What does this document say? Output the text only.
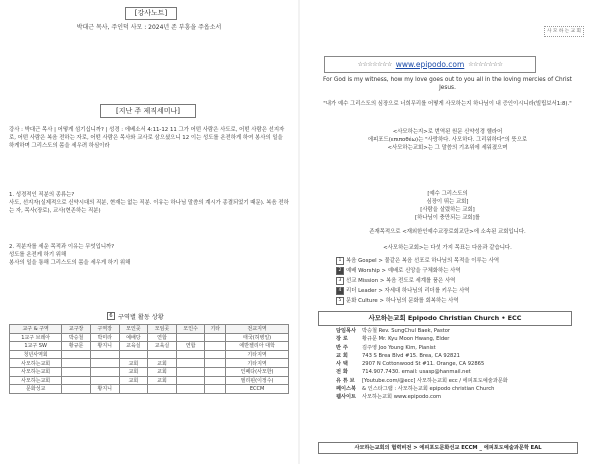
[강사노트]
박대근 목사, 주인덕 사모 : 2024년 존 부흥을 주옵소서
[지난 주 제직세미나]
강사 : 박대근 목사 | 어떻게 섬기십니까? | 성경 : 에베소서 4:11-12 11 그가 어떤 사람은 사도로, 어떤 사람은 선지자로, 어떤 사람은 복음 전하는 자로, 어떤 사람은 목사와 교사로 삼으셨으니 12 이는 성도를 온전하게 하여 봉사의 일을 하게하며 그리스도의 몸을 세우려 하심이라
1. 성경적인 직분의 종류는?
사도, 선지자(실제적으로 신약시대의 직분, 현재는 없는 직분. 이유는 하나님 말씀의 계시가 종결되었기 때문). 복음 전하는 자, 목사(장로), 교사(현존하는 직분)
2. 직분자를 세운 목적과 이유는 무엇입니까?
성도를 온전케 하기 위해
봉사의 일을 통해 그리스도의 몸을 세우게 하기 위해
6 구역별 활동 상황
교구 & 구역	교구장	구역장	모인곳	모임곳	모인수	기타	전교지역
1교구 브레아	박승철	박미라	예배당	연합			태국(허병일)
1교구 SW	황규문	황지니	교육실	교육실	연합		에반젤리아 대학
청년사역회							기타지역
사모하는교회			교회	교회			기타지역
사모하는교회			교회	교회			인페다(사모한)
사모하는교회			교회	교회			필리핀(이정수)
문화성교		황지니					ECCM
사 모 하 는 교 회
☆☆☆☆☆☆☆ www.epipodo.com ☆☆☆☆☆☆☆
For God is my witness, how my love goes out to you all in the loving mercies of Christ Jesus.
"내가 예수 그리스도의 심장으로 너희무리를 어떻게 사모하는지 하나님이 내 증인이시니라(빌립보서1:8)."
<사모하는지>로 번역된 원문 신약성경 헬라어
에피포드(επιποθέω)는 "사랑하다. 사모하다. 그리워하다"의 뜻으로
<사모하는교회>는 그 말씀의 기초위에 세워졌으며
[예수 그리스도의
심장이 뛰는 교회]
[사람을 살렸하는 교회]
[하나님이 충만되는 교회]를
존재목적으로 <재외한인예수교장로회교단>에 소속된 교회입니다.
<사모하는교회>는 다섯 가지 목표는 다음과 같습니다.
1 복음 Gospel > 물같은 복음 선포로 하나님의 목적을 이루는 사역
2 예배 Worship > 예배로 신앙을 구체화하는 사역
3 선교 Mission > 복음 전도로 세계를 품은 사역
4 리더 Leader > 자세대 하나님의 리더를 키우는 사역
5 문화 Culture > 하나님의 문화를 회복하는 사역
사모하는교회 Epipodo Christian Church • ECC
담임목사	박승철 Rev. SungChul Baek, Pastor
장 로	황규문 Mr. Kyu Moon Hwang, Elder
반 주	김주영 Joo Young Kim, Pianist
교 회	743 S Brea Blvd #15. Brea, CA 92821
사 택	2907 N Cottonwood St #11. Orange, CA 92865
전 화	714.907.7430. email: usasp@hanmail.net
유 튜 브	[Youtube.com/@ecc] 사모하는교회 ecc / 에피포도예술과문화
페이스북	& 인스타그램 : 사모하는교회 epipodo christian Church
웹사이트	사모하는교회 www.epipodo.com
사모하는교회의 협력비전 > 에피포도문화선교 ECCM _ 에피포도예술과문학 EAL
